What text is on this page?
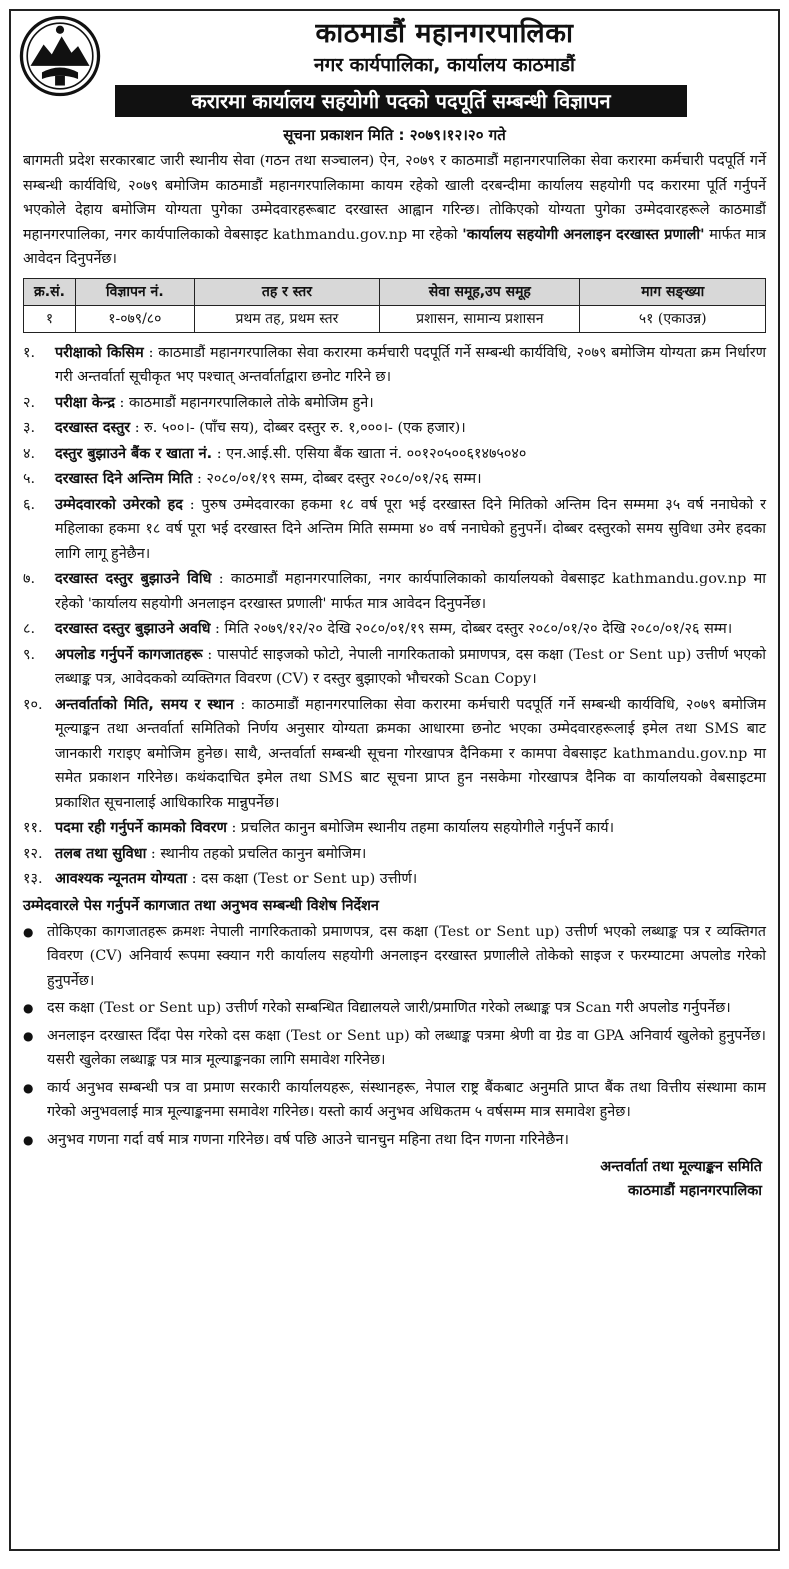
काठमाडौं महानगरपालिका
नगर कार्यपालिका, कार्यालय काठमाडौं
करारमा कार्यालय सहयोगी पदको पदपूर्ति सम्बन्धी विज्ञापन
सूचना प्रकाशन मिति : २०७९।१२।२० गते

बागमती प्रदेश सरकारबाट जारी स्थानीय सेवा (गठन तथा सञ्चालन) ऐन, २०७९ र काठमाडौं महानगरपालिका सेवा करारमा कर्मचारी पदपूर्ति गर्ने सम्बन्धी कार्यविधि, २०७९ बमोजिम काठमाडौं महानगरपालिकामा कायम रहेको खाली दरबन्दीमा कार्यालय सहयोगी पद करारमा पूर्ति गर्नुपर्ने भएकोले देहाय बमोजिम योग्यता पुगेका उम्मेदवारहरूबाट दरखास्त आह्वान गरिन्छ। तोकिएको योग्यता पुगेका उम्मेदवारहरूले काठमाडौं महानगरपालिका, नगर कार्यपालिकाको वेबसाइट kathmandu.gov.np मा रहेको 'कार्यालय सहयोगी अनलाइन दरखास्त प्रणाली' मार्फत मात्र आवेदन दिनुपर्नेछ।

क्र.सं.	विज्ञापन नं.	तह र स्तर	सेवा समूह,उप समूह	माग सङ्ख्या
१	१-०७९/८०	प्रथम तह, प्रथम स्तर	प्रशासन, सामान्य प्रशासन	५१ (एकाउन्न)
१.	परीक्षाको किसिम : काठमाडौं महानगरपालिका सेवा करारमा कर्मचारी पदपूर्ति गर्ने सम्बन्धी कार्यविधि, २०७९ बमोजिम योग्यता क्रम निर्धारण गरी अन्तर्वार्ता सूचीकृत भए पश्चात् अन्तर्वार्ताद्वारा छनोट गरिने छ।
२.	परीक्षा केन्द्र : काठमाडौं महानगरपालिकाले तोके बमोजिम हुने।
३.	दरखास्त दस्तुर : रु. ५००।- (पाँच सय), दोब्बर दस्तुर रु. १,०००।- (एक हजार)।
४.	दस्तुर बुझाउने बैंक र खाता नं. : एन.आई.सी. एसिया बैंक खाता नं. ००१२०५००६१४७५०४०
५.	दरखास्त दिने अन्तिम मिति : २०८०/०१/१९ सम्म, दोब्बर दस्तुर २०८०/०१/२६ सम्म।
६.	उम्मेदवारको उमेरको हद : पुरुष उम्मेदवारका हकमा १८ वर्ष पूरा भई दरखास्त दिने मितिको अन्तिम दिन सम्ममा ३५ वर्ष ननाघेको र महिलाका हकमा १८ वर्ष पूरा भई दरखास्त दिने अन्तिम मिति सम्ममा ४० वर्ष ननाघेको हुनुपर्ने। दोब्बर दस्तुरको समय सुविधा उमेर हदका लागि लागू हुनेछैन।
७.	दरखास्त दस्तुर बुझाउने विधि : काठमाडौं महानगरपालिका, नगर कार्यपालिकाको कार्यालयको वेबसाइट kathmandu.gov.np मा रहेको 'कार्यालय सहयोगी अनलाइन दरखास्त प्रणाली' मार्फत मात्र आवेदन दिनुपर्नेछ।
८.	दरखास्त दस्तुर बुझाउने अवधि : मिति २०७९/१२/२० देखि २०८०/०१/१९ सम्म, दोब्बर दस्तुर २०८०/०१/२० देखि २०८०/०१/२६ सम्म।
९.	अपलोड गर्नुपर्ने कागजातहरू : पासपोर्ट साइजको फोटो, नेपाली नागरिकताको प्रमाणपत्र, दस कक्षा (Test or Sent up) उत्तीर्ण भएको लब्धाङ्क पत्र, आवेदकको व्यक्तिगत विवरण (CV) र दस्तुर बुझाएको भौचरको Scan Copy।
१०. अन्तर्वार्ताको मिति, समय र स्थान : काठमाडौं महानगरपालिका सेवा करारमा कर्मचारी पदपूर्ति गर्ने सम्बन्धी कार्यविधि, २०७९ बमोजिम मूल्याङ्कन तथा अन्तर्वार्ता समितिको निर्णय अनुसार योग्यता क्रमका आधारमा छनोट भएका उम्मेदवारहरूलाई इमेल तथा SMS बाट जानकारी गराइए बमोजिम हुनेछ। साथै, अन्तर्वार्ता सम्बन्धी सूचना गोरखापत्र दैनिकमा र कामपा वेबसाइट kathmandu.gov.np मा समेत प्रकाशन गरिनेछ। कथंकदाचित इमेल तथा SMS बाट सूचना प्राप्त हुन नसकेमा गोरखापत्र दैनिक वा कार्यालयको वेबसाइटमा प्रकाशित सूचनालाई आधिकारिक मान्नुपर्नेछ।
११. पदमा रही गर्नुपर्ने कामको विवरण : प्रचलित कानुन बमोजिम स्थानीय तहमा कार्यालय सहयोगीले गर्नुपर्ने कार्य।
१२. तलब तथा सुविधा : स्थानीय तहको प्रचलित कानुन बमोजिम।
१३. आवश्यक न्यूनतम योग्यता : दस कक्षा (Test or Sent up) उत्तीर्ण।
उम्मेदवारले पेस गर्नुपर्ने कागजात तथा अनुभव सम्बन्धी विशेष निर्देशन
● तोकिएका कागजातहरू क्रमशः नेपाली नागरिकताको प्रमाणपत्र, दस कक्षा (Test or Sent up) उत्तीर्ण भएको लब्धाङ्क पत्र र व्यक्तिगत विवरण (CV) अनिवार्य रूपमा स्क्यान गरी कार्यालय सहयोगी अनलाइन दरखास्त प्रणालीले तोकेको साइज र फरम्याटमा अपलोड गरेको हुनुपर्नेछ।
● दस कक्षा (Test or Sent up) उत्तीर्ण गरेको सम्बन्धित विद्यालयले जारी/प्रमाणित गरेको लब्धाङ्क पत्र Scan गरी अपलोड गर्नुपर्नेछ।
● अनलाइन दरखास्त दिँदा पेस गरेको दस कक्षा (Test or Sent up) को लब्धाङ्क पत्रमा श्रेणी वा ग्रेड वा GPA अनिवार्य खुलेको हुनुपर्नेछ। यसरी खुलेका लब्धाङ्क पत्र मात्र मूल्याङ्कनका लागि समावेश गरिनेछ।
● कार्य अनुभव सम्बन्धी पत्र वा प्रमाण सरकारी कार्यालयहरू, संस्थानहरू, नेपाल राष्ट्र बैंकबाट अनुमति प्राप्त बैंक तथा वित्तीय संस्थामा काम गरेको अनुभवलाई मात्र मूल्याङ्कनमा समावेश गरिनेछ। यस्तो कार्य अनुभव अधिकतम ५ वर्षसम्म मात्र समावेश हुनेछ।
● अनुभव गणना गर्दा वर्ष मात्र गणना गरिनेछ। वर्ष पछि आउने चानचुन महिना तथा दिन गणना गरिनेछैन।
अन्तर्वार्ता तथा मूल्याङ्कन समिति
काठमाडौं महानगरपालिका
